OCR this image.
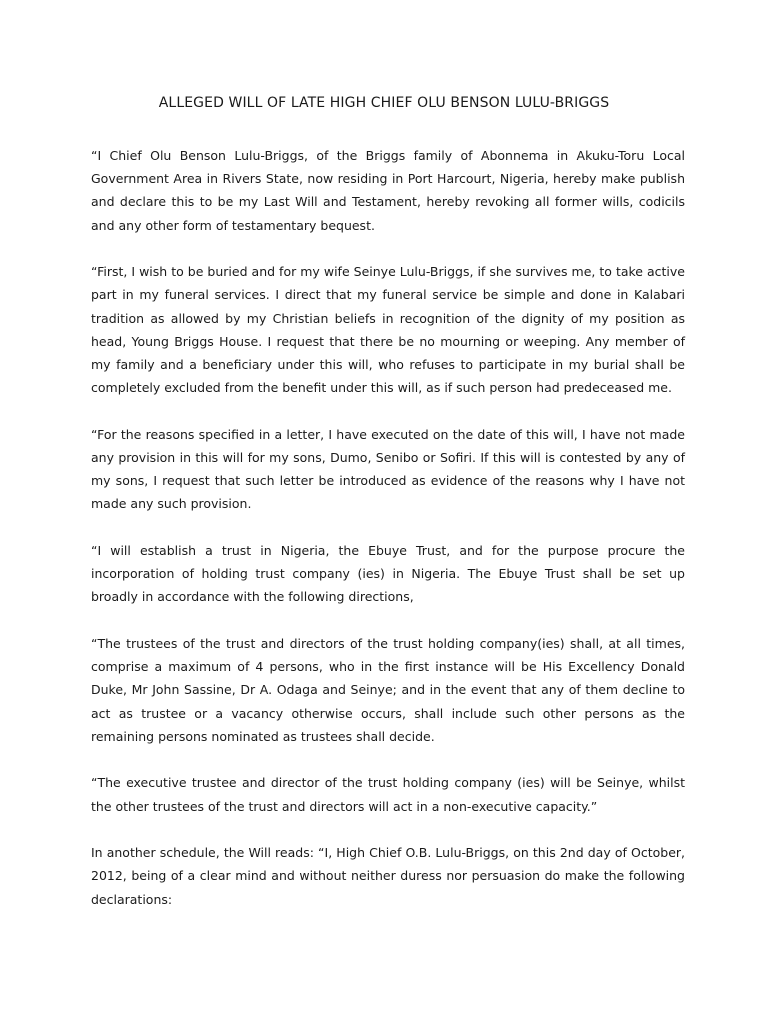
ALLEGED WILL OF LATE HIGH CHIEF OLU BENSON LULU-BRIGGS

“I Chief Olu Benson Lulu-Briggs, of the Briggs family of Abonnema in Akuku-Toru Local Government Area in Rivers State, now residing in Port Harcourt, Nigeria, hereby make publish and declare this to be my Last Will and Testament, hereby revoking all former wills, codicils and any other form of testamentary bequest.

“First, I wish to be buried and for my wife Seinye Lulu-Briggs, if she survives me, to take active part in my funeral services. I direct that my funeral service be simple and done in Kalabari tradition as allowed by my Christian beliefs in recognition of the dignity of my position as head, Young Briggs House. I request that there be no mourning or weeping. Any member of my family and a beneficiary under this will, who refuses to participate in my burial shall be completely excluded from the benefit under this will, as if such person had predeceased me.

“For the reasons specified in a letter, I have executed on the date of this will, I have not made any provision in this will for my sons, Dumo, Senibo or Sofiri. If this will is contested by any of my sons, I request that such letter be introduced as evidence of the reasons why I have not made any such provision.

“I will establish a trust in Nigeria, the Ebuye Trust, and for the purpose procure the incorporation of holding trust company (ies) in Nigeria. The Ebuye Trust shall be set up broadly in accordance with the following directions,

“The trustees of the trust and directors of the trust holding company(ies) shall, at all times, comprise a maximum of 4 persons, who in the first instance will be His Excellency Donald Duke, Mr John Sassine, Dr A. Odaga and Seinye; and in the event that any of them decline to act as trustee or a vacancy otherwise occurs, shall include such other persons as the remaining persons nominated as trustees shall decide.

“The executive trustee and director of the trust holding company (ies) will be Seinye, whilst the other trustees of the trust and directors will act in a non-executive capacity.”

In another schedule, the Will reads: “I, High Chief O.B. Lulu-Briggs, on this 2nd day of October, 2012, being of a clear mind and without neither duress nor persuasion do make the following declarations:
